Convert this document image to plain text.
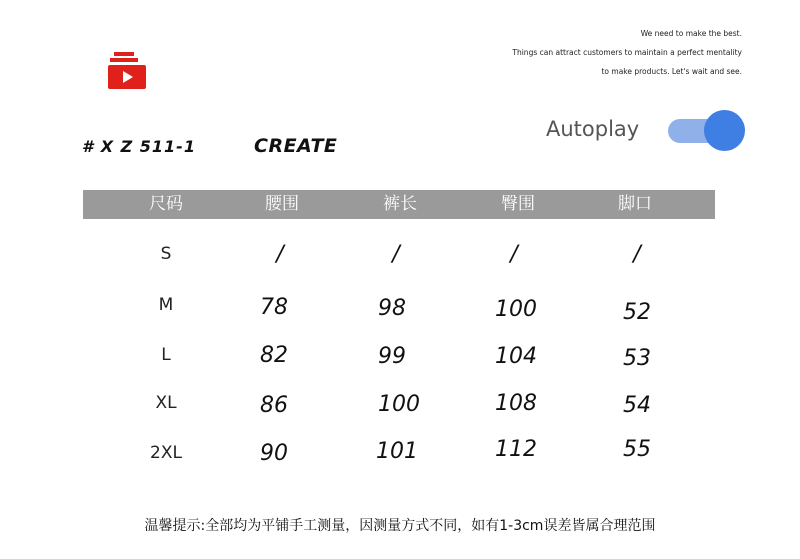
We need to make the best.
Things can attract customers to maintain a perfect mentality
to make products. Let's wait and see.
# X Z 511-1	CREATE
Autoplay
尺码	腰围	裤长	臀围	脚口
S	/	/	/	/
M	78	98	100	52
L	82	99	104	53
XL	86	100	108	54
2XL	90	101	112	55
温馨提示:全部均为平铺手工测量，因测量方式不同，如有1-3cm误差皆属合理范围
